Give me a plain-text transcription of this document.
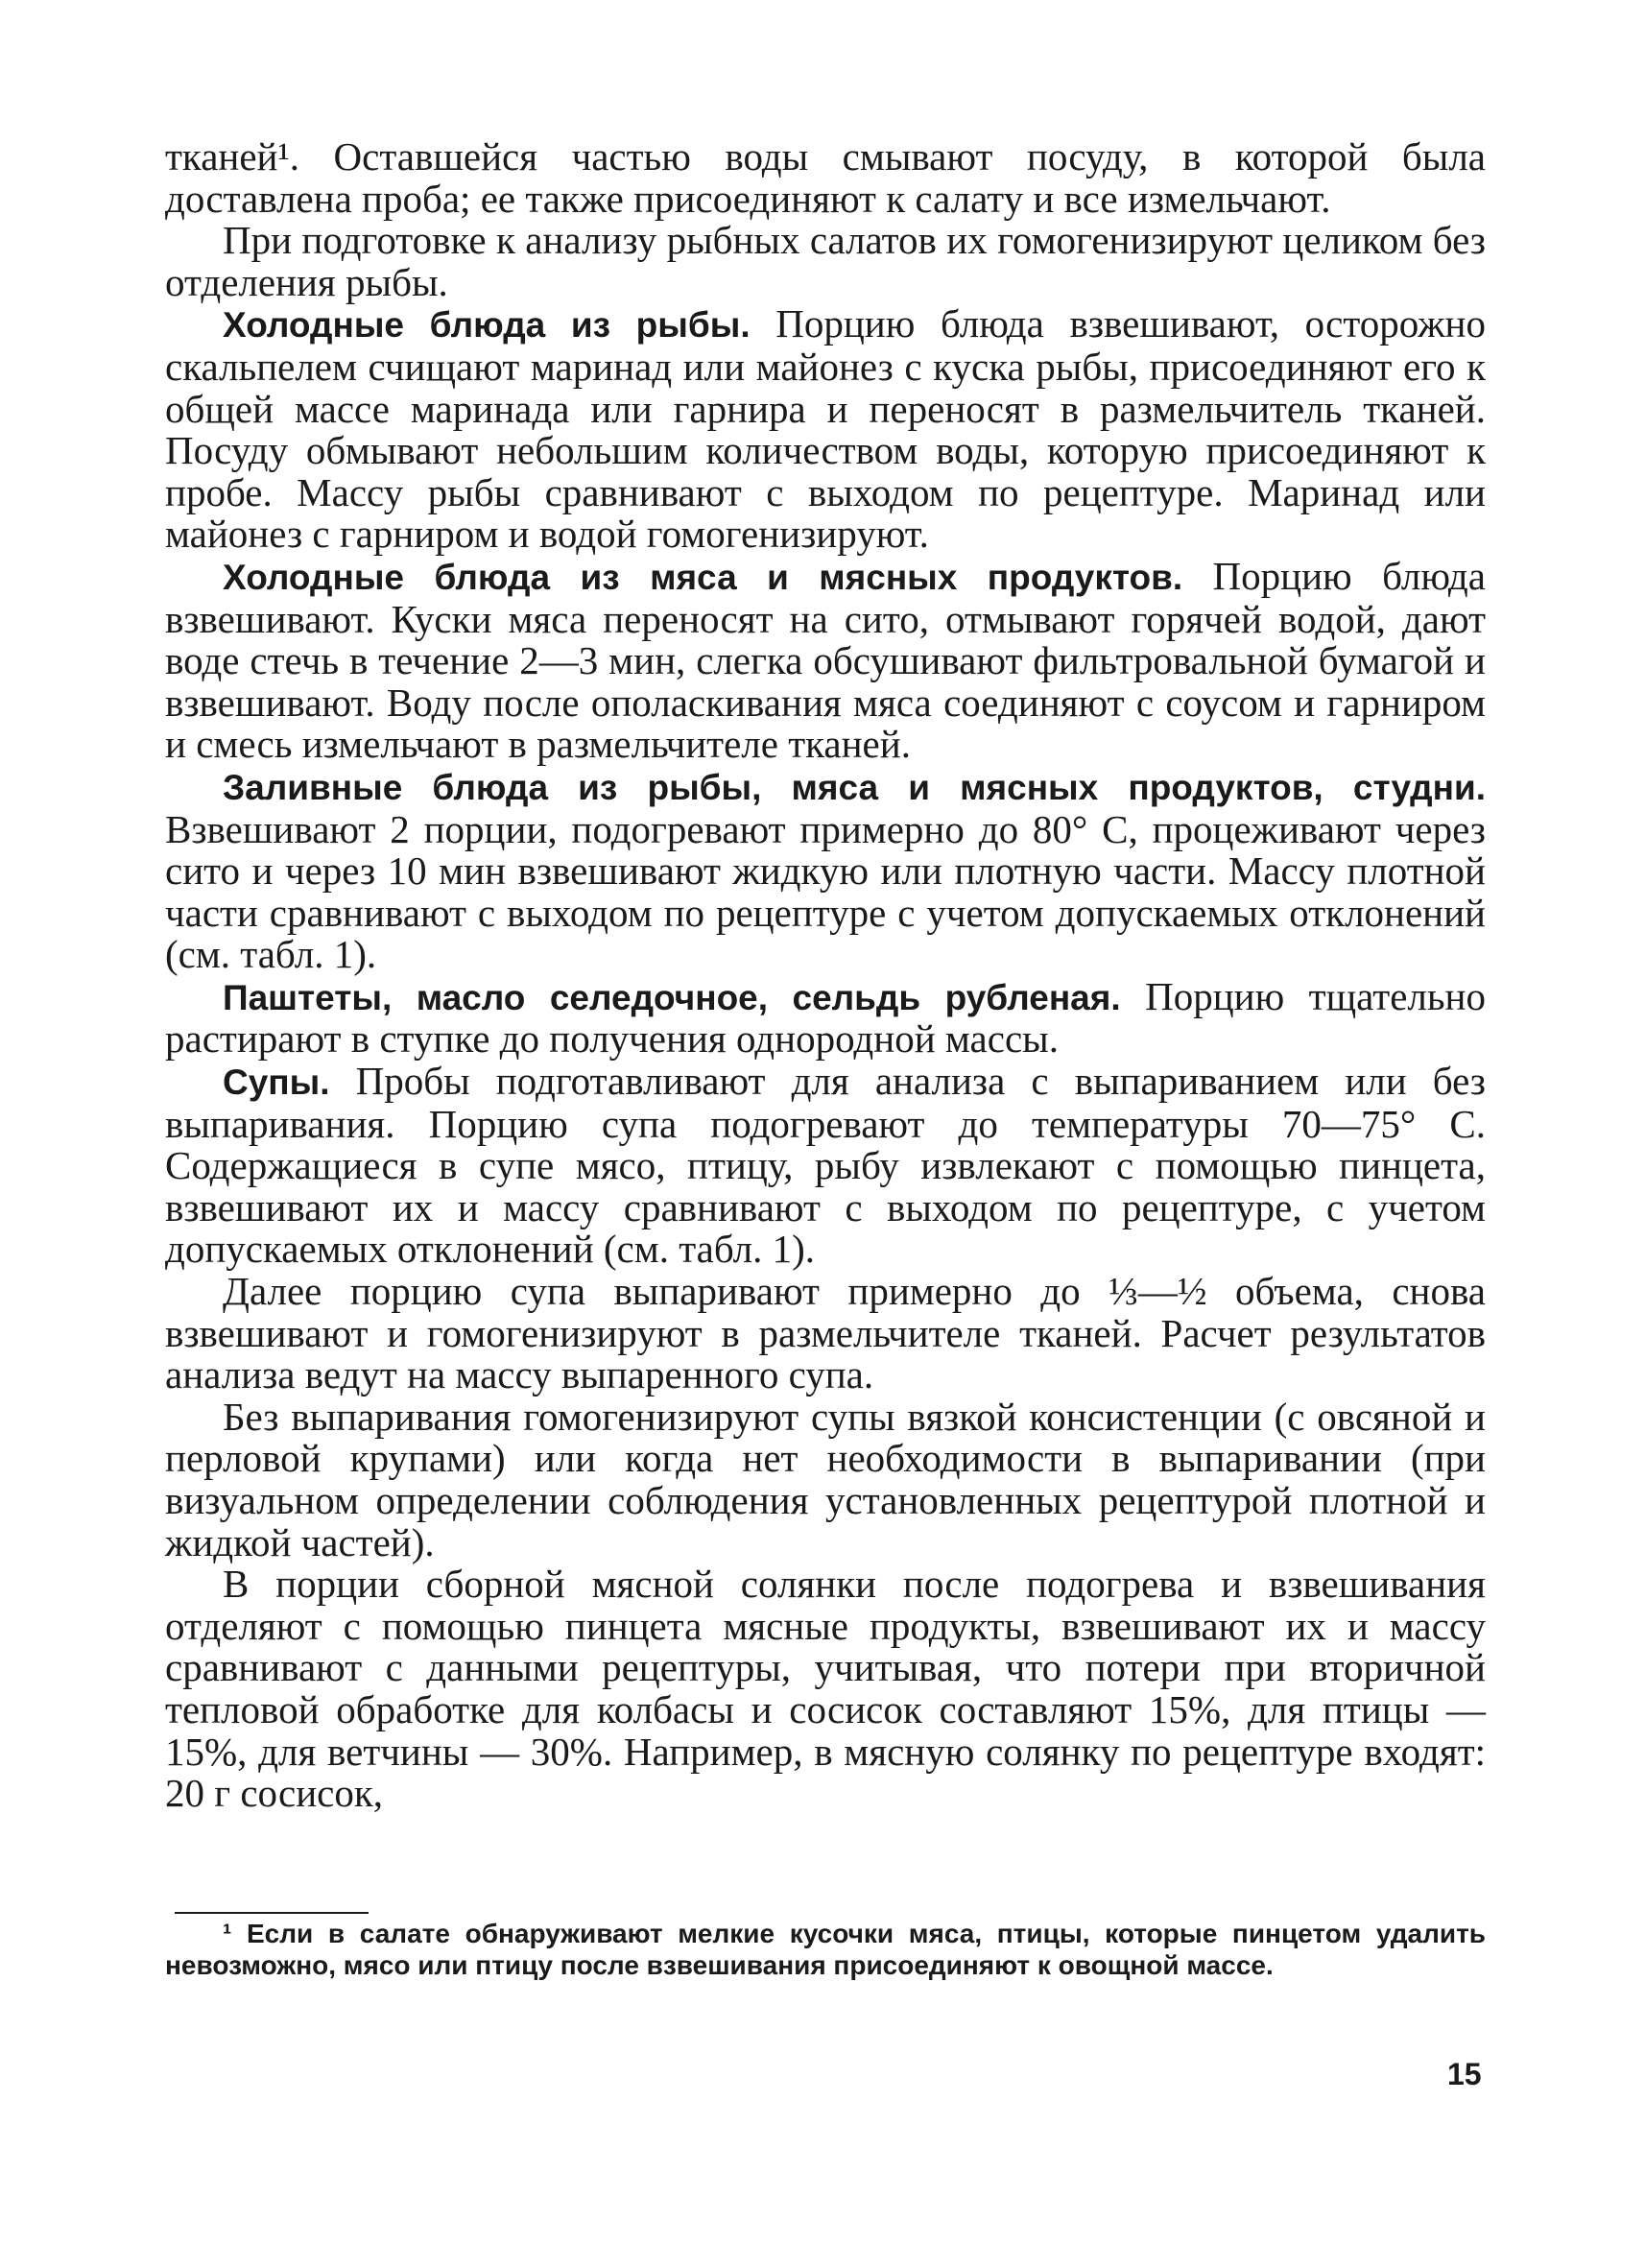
тканей¹. Оставшейся частью воды смывают посуду, в которой была доставлена проба; ее также присоединяют к салату и все измельчают.

При подготовке к анализу рыбных салатов их гомогенизируют целиком без отделения рыбы.

Холодные блюда из рыбы. Порцию блюда взвешивают, осторожно скальпелем счищают маринад или майонез с куска рыбы, присоединяют его к общей массе маринада или гарнира и переносят в размельчитель тканей. Посуду обмывают небольшим количеством воды, которую присоединяют к пробе. Массу рыбы сравнивают с выходом по рецептуре. Маринад или майонез с гарниром и водой гомогенизируют.

Холодные блюда из мяса и мясных продуктов. Порцию блюда взвешивают. Куски мяса переносят на сито, отмывают горячей водой, дают воде стечь в течение 2—3 мин, слегка обсушивают фильтровальной бумагой и взвешивают. Воду после ополаскивания мяса соединяют с соусом и гарниром и смесь измельчают в размельчителе тканей.

Заливные блюда из рыбы, мяса и мясных продуктов, студни. Взвешивают 2 порции, подогревают примерно до 80° С, процеживают через сито и через 10 мин взвешивают жидкую или плотную части. Массу плотной части сравнивают с выходом по рецептуре с учетом допускаемых отклонений (см. табл. 1).

Паштеты, масло селедочное, сельдь рубленая. Порцию тщательно растирают в ступке до получения однородной массы.

Супы. Пробы подготавливают для анализа с выпариванием или без выпаривания. Порцию супа подогревают до температуры 70—75° С. Содержащиеся в супе мясо, птицу, рыбу извлекают с помощью пинцета, взвешивают их и массу сравнивают с выходом по рецептуре, с учетом допускаемых отклонений (см. табл. 1).

Далее порцию супа выпаривают примерно до ⅓—½ объема, снова взвешивают и гомогенизируют в размельчителе тканей. Расчет результатов анализа ведут на массу выпаренного супа.

Без выпаривания гомогенизируют супы вязкой консистенции (с овсяной и перловой крупами) или когда нет необходимости в выпаривании (при визуальном определении соблюдения установленных рецептурой плотной и жидкой частей).

В порции сборной мясной солянки после подогрева и взвешивания отделяют с помощью пинцета мясные продукты, взвешивают их и массу сравнивают с данными рецептуры, учитывая, что потери при вторичной тепловой обработке для колбасы и сосисок составляют 15%, для птицы — 15%, для ветчины — 30%. Например, в мясную солянку по рецептуре входят: 20 г сосисок,

¹ Если в салате обнаруживают мелкие кусочки мяса, птицы, которые пинцетом удалить невозможно, мясо или птицу после взвешивания присоединяют к овощной массе.
15
